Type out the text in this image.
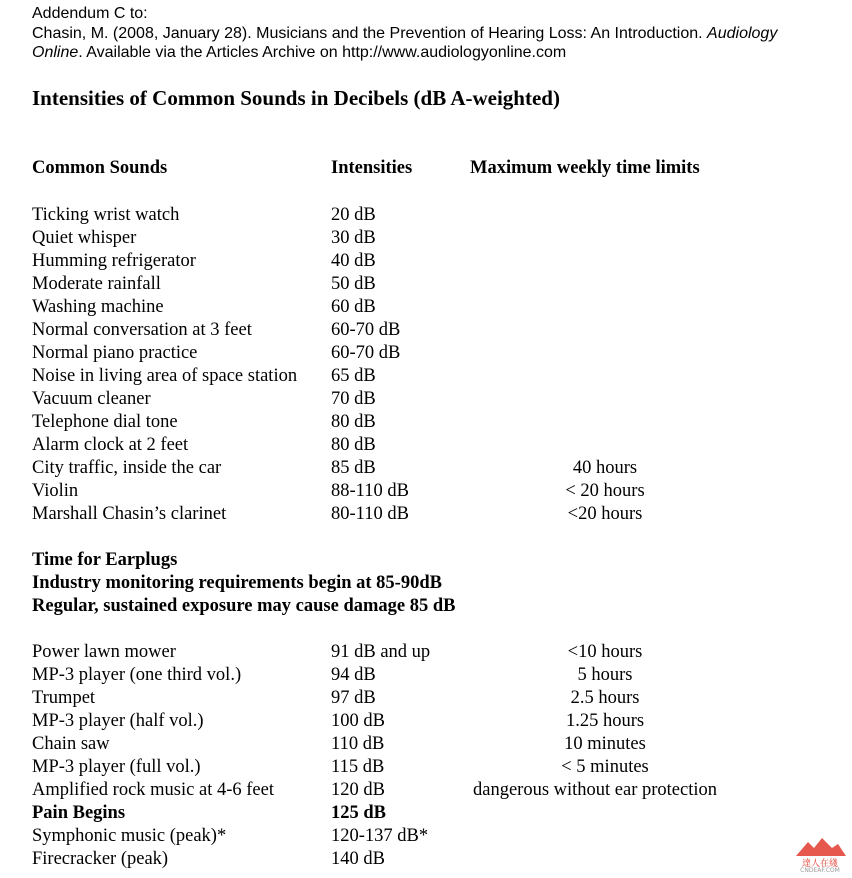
Addendum C to:
Chasin, M. (2008, January 28). Musicians and the Prevention of Hearing Loss: An Introduction. Audiology
Online. Available via the Articles Archive on http://www.audiologyonline.com
Intensities of Common Sounds in Decibels (dB A-weighted)
Common Sounds	Intensities	Maximum weekly time limits
Ticking wrist watch	20 dB
Quiet whisper	30 dB
Humming refrigerator	40 dB
Moderate rainfall	50 dB
Washing machine	60 dB
Normal conversation at 3 feet	60-70 dB
Normal piano practice	60-70 dB
Noise in living area of space station 65 dB
Vacuum cleaner	70 dB
Telephone dial tone	80 dB
Alarm clock at 2 feet	80 dB
City traffic, inside the car	85 dB	40 hours
Violin	88-110 dB	< 20 hours
Marshall Chasin’s clarinet	80-110 dB	<20 hours
Time for Earplugs
Industry monitoring requirements begin at 85-90dB
Regular, sustained exposure may cause damage 85 dB
Power lawn mower	91 dB and up	<10 hours
MP-3 player (one third vol.)	94 dB	5 hours
Trumpet	97 dB	2.5 hours
MP-3 player (half vol.)	100 dB	1.25 hours
Chain saw	110 dB	10 minutes
MP-3 player (full vol.)	115 dB	< 5 minutes
Amplified rock music at 4-6 feet	120 dB	dangerous without ear protection
Pain Begins	125 dB
Symphonic music (peak)*	120-137 dB*
Firecracker (peak)	140 dB	達人在綫
CNDEAF.COM
